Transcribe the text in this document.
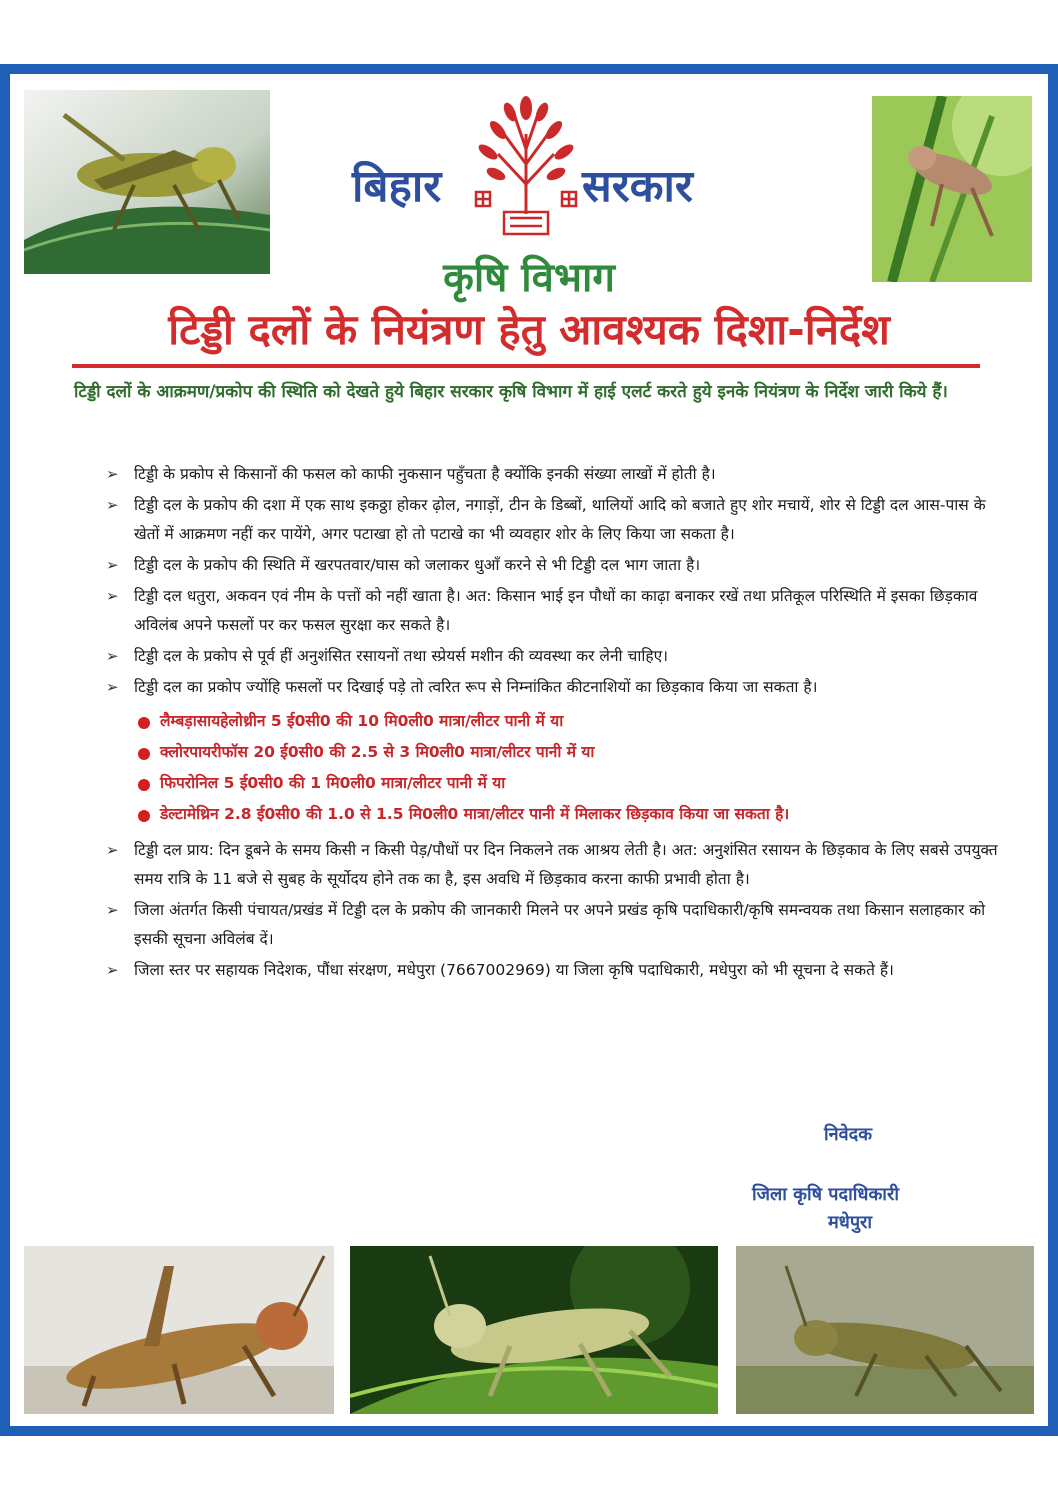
बिहार	सरकार
कृषि विभाग
टिड्डी दलों के नियंत्रण हेतु आवश्यक दिशा-निर्देश
टिड्डी दलों के आक्रमण/प्रकोप की स्थिति को देखते हुये बिहार सरकार कृषि विभाग में हाई एलर्ट करते हुये इनके नियंत्रण के निर्देश जारी किये हैं।
➢ टिड्डी के प्रकोप से किसानों की फसल को काफी नुकसान पहुँचता है क्योंकि इनकी संख्या लाखों में होती है।
➢ टिड्डी दल के प्रकोप की दशा में एक साथ इकठ्ठा होकर ढ़ोल, नगाड़ों, टीन के डिब्बों, थालियों आदि को बजाते हुए शोर मचायें, शोर से टिड्डी दल आस-पास के खेतों में आक्रमण नहीं कर पायेंगे, अगर पटाखा हो तो पटाखे का भी व्यवहार शोर के लिए किया जा सकता है।
➢ टिड्डी दल के प्रकोप की स्थिति में खरपतवार/घास को जलाकर धुआँ करने से भी टिड्डी दल भाग जाता है।
➢ टिड्डी दल धतुरा, अकवन एवं नीम के पत्तों को नहीं खाता है। अत: किसान भाई इन पौधों का काढ़ा बनाकर रखें तथा प्रतिकूल परिस्थिति में इसका छिड़काव अविलंब अपने फसलों पर कर फसल सुरक्षा कर सकते है।
➢ टिड्डी दल के प्रकोप से पूर्व हीं अनुशंसित रसायनों तथा स्प्रेयर्स मशीन की व्यवस्था कर लेनी चाहिए।
➢ टिड्डी दल का प्रकोप ज्योंहि फसलों पर दिखाई पड़े तो त्वरित रूप से निम्नांकित कीटनाशियों का छिड़काव किया जा सकता है।
लैम्बड़ासायहेलोथ्रीन 5 ई0सी0 की 10 मि0ली0 मात्रा/लीटर पानी में या
क्लोरपायरीफॉस 20 ई0सी0 की 2.5 से 3 मि0ली0 मात्रा/लीटर पानी में या
फिपरोनिल 5 ई0सी0 की 1 मि0ली0 मात्रा/लीटर पानी में या
डेल्टामेथ्रिन 2.8 ई0सी0 की 1.0 से 1.5 मि0ली0 मात्रा/लीटर पानी में मिलाकर छिड़काव किया जा सकता है।
➢ टिड्डी दल प्राय: दिन डूबने के समय किसी न किसी पेड़/पौधों पर दिन निकलने तक आश्रय लेती है। अत: अनुशंसित रसायन के छिड़काव के लिए सबसे उपयुक्त समय रात्रि के 11 बजे से सुबह के सूर्योदय होने तक का है, इस अवधि में छिड़काव करना काफी प्रभावी होता है।
➢ जिला अंतर्गत किसी पंचायत/प्रखंड में टिड्डी दल के प्रकोप की जानकारी मिलने पर अपने प्रखंड कृषि पदाधिकारी/कृषि समन्वयक तथा किसान सलाहकार को इसकी सूचना अविलंब दें।
➢ जिला स्तर पर सहायक निदेशक, पौंधा संरक्षण, मधेपुरा (7667002969) या जिला कृषि पदाधिकारी, मधेपुरा को भी सूचना दे सकते हैं।
निवेदक
जिला कृषि पदाधिकारी
मधेपुरा
